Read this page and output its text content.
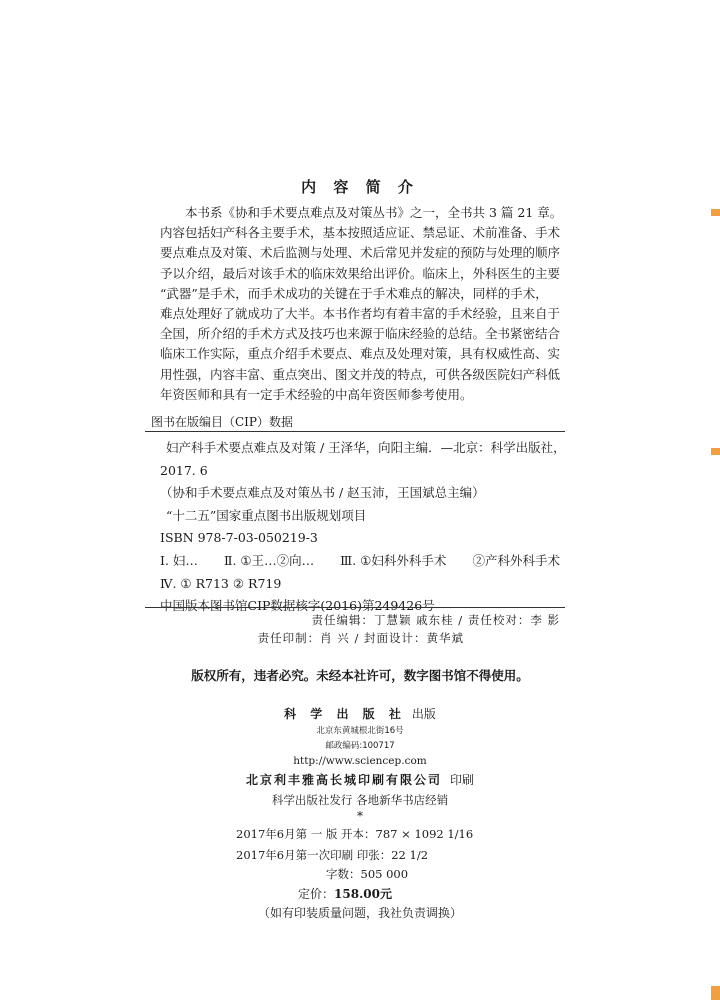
内 容 简 介

本书系《协和手术要点难点及对策丛书》之一，全书共 3 篇 21 章。

内容包括妇产科各主要手术，基本按照适应证、禁忌证、术前准备、手术

要点难点及对策、术后监测与处理、术后常见并发症的预防与处理的顺序

予以介绍，最后对该手术的临床效果给出评价。临床上，外科医生的主要

“武器”是手术，而手术成功的关键在于手术难点的解决，同样的手术，

难点处理好了就成功了大半。本书作者均有着丰富的手术经验，且来自于

全国，所介绍的手术方式及技巧也来源于临床经验的总结。全书紧密结合

临床工作实际，重点介绍手术要点、难点及处理对策，具有权威性高、实

用性强，内容丰富、重点突出、图文并茂的特点，可供各级医院妇产科低

年资医师和具有一定手术经验的中高年资医师参考使用。

图书在版编目（CIP）数据

妇产科手术要点难点及对策 / 王泽华，向阳主编．—北京：科学出版社，

2017. 6

（协和手术要点难点及对策丛书 / 赵玉沛，王国斌总主编）

“十二五”国家重点图书出版规划项目

ISBN 978-7-03-050219-3

Ⅰ. 妇… Ⅱ. ①王…②向… Ⅲ. ①妇科外科手术 ②产科外科手术

Ⅳ. ① R713 ② R719

中国版本图书馆CIP数据核字(2016)第249426号

责任编辑：丁慧颖 戚东桂 / 责任校对：李 影
责任印制：肖 兴 / 封面设计：黄华斌
版权所有，违者必究。未经本社许可，数字图书馆不得使用。
科 学 出 版 社 出版
北京东黄城根北街16号
邮政编码:100717
http://www.sciencep.com
北京利丰雅高长城印刷有限公司 印刷
科学出版社发行 各地新华书店经销
*
2017年6月第 一 版 开本：787 × 1092 1/16
2017年6月第一次印刷 印张：22 1/2
字数：505 000
定价：158.00元
（如有印装质量问题，我社负责调换）
